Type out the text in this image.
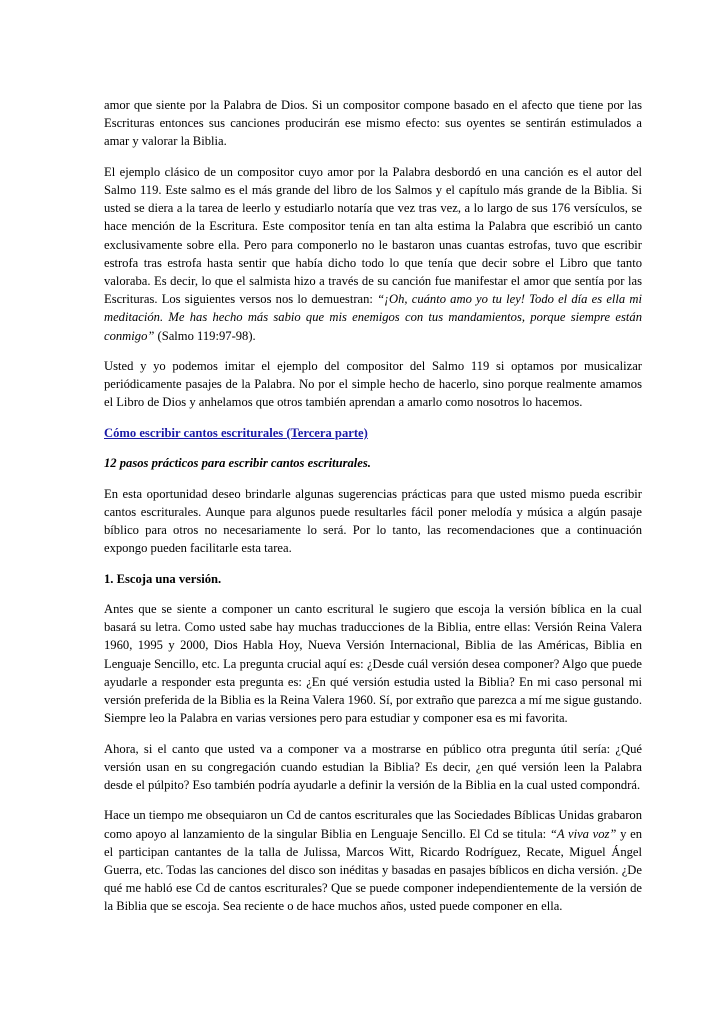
amor que siente por la Palabra de Dios. Si un compositor compone basado en el afecto que tiene por las Escrituras entonces sus canciones producirán ese mismo efecto: sus oyentes se sentirán estimulados a amar y valorar la Biblia.

El ejemplo clásico de un compositor cuyo amor por la Palabra desbordó en una canción es el autor del Salmo 119. Este salmo es el más grande del libro de los Salmos y el capítulo más grande de la Biblia. Si usted se diera a la tarea de leerlo y estudiarlo notaría que vez tras vez, a lo largo de sus 176 versículos, se hace mención de la Escritura. Este compositor tenía en tan alta estima la Palabra que escribió un canto exclusivamente sobre ella. Pero para componerlo no le bastaron unas cuantas estrofas, tuvo que escribir estrofa tras estrofa hasta sentir que había dicho todo lo que tenía que decir sobre el Libro que tanto valoraba. Es decir, lo que el salmista hizo a través de su canción fue manifestar el amor que sentía por las Escrituras. Los siguientes versos nos lo demuestran: “¡Oh, cuánto amo yo tu ley! Todo el día es ella mi meditación. Me has hecho más sabio que mis enemigos con tus mandamientos, porque siempre están conmigo” (Salmo 119:97-98).

Usted y yo podemos imitar el ejemplo del compositor del Salmo 119 si optamos por musicalizar periódicamente pasajes de la Palabra. No por el simple hecho de hacerlo, sino porque realmente amamos el Libro de Dios y anhelamos que otros también aprendan a amarlo como nosotros lo hacemos.

Cómo escribir cantos escriturales (Tercera parte)

12 pasos prácticos para escribir cantos escriturales.

En esta oportunidad deseo brindarle algunas sugerencias prácticas para que usted mismo pueda escribir cantos escriturales. Aunque para algunos puede resultarles fácil poner melodía y música a algún pasaje bíblico para otros no necesariamente lo será. Por lo tanto, las recomendaciones que a continuación expongo pueden facilitarle esta tarea.

1. Escoja una versión.

Antes que se siente a componer un canto escritural le sugiero que escoja la versión bíblica en la cual basará su letra. Como usted sabe hay muchas traducciones de la Biblia, entre ellas: Versión Reina Valera 1960, 1995 y 2000, Dios Habla Hoy, Nueva Versión Internacional, Biblia de las Américas, Biblia en Lenguaje Sencillo, etc. La pregunta crucial aquí es: ¿Desde cuál versión desea componer? Algo que puede ayudarle a responder esta pregunta es: ¿En qué versión estudia usted la Biblia? En mi caso personal mi versión preferida de la Biblia es la Reina Valera 1960. Sí, por extraño que parezca a mí me sigue gustando. Siempre leo la Palabra en varias versiones pero para estudiar y componer esa es mi favorita.

Ahora, si el canto que usted va a componer va a mostrarse en público otra pregunta útil sería: ¿Qué versión usan en su congregación cuando estudian la Biblia? Es decir, ¿en qué versión leen la Palabra desde el púlpito? Eso también podría ayudarle a definir la versión de la Biblia en la cual usted compondrá.

Hace un tiempo me obsequiaron un Cd de cantos escriturales que las Sociedades Bíblicas Unidas grabaron como apoyo al lanzamiento de la singular Biblia en Lenguaje Sencillo. El Cd se titula: “A viva voz” y en el participan cantantes de la talla de Julissa, Marcos Witt, Ricardo Rodríguez, Recate, Miguel Ángel Guerra, etc. Todas las canciones del disco son inéditas y basadas en pasajes bíblicos en dicha versión. ¿De qué me habló ese Cd de cantos escriturales? Que se puede componer independientemente de la versión de la Biblia que se escoja. Sea reciente o de hace muchos años, usted puede componer en ella.
